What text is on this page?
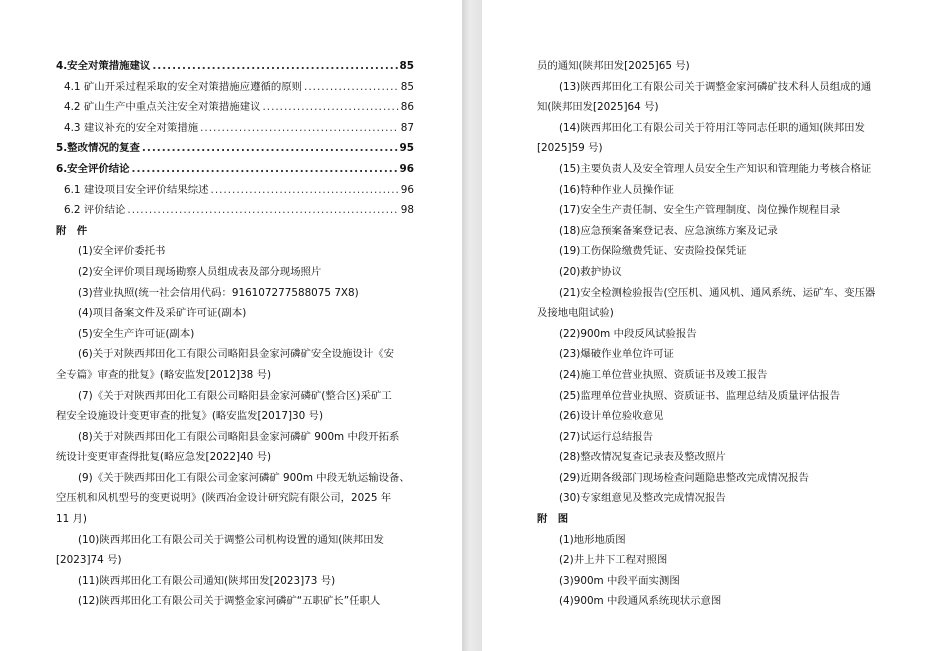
4.安全对策措施建议 .....	85
4.1 矿山开采过程采取的安全对策措施应遵循的原则 .....	85
4.2 矿山生产中重点关注安全对策措施建议 .....	86
4.3 建议补充的安全对策措施 .....	87
5.整改情况的复查 .....	95
6.安全评价结论 .....	96
6.1 建设项目安全评价结果综述 .....	96
6.2 评价结论 .....	98
附　件
(1)安全评价委托书
(2)安全评价项目现场勘察人员组成表及部分现场照片
(3)营业执照(统一社会信用代码：916107277588075 7X8)
(4)项目备案文件及采矿许可证(副本)
(5)安全生产许可证(副本)
(6)关于对陕西邦田化工有限公司略阳县金家河磷矿安全设施设计《安
全专篇》审查的批复》(略安监发[2012]38 号)
(7)《关于对陕西邦田化工有限公司略阳县金家河磷矿(整合区)采矿工
程安全设施设计变更审查的批复》(略安监发[2017]30 号)
(8)关于对陕西邦田化工有限公司略阳县金家河磷矿 900m 中段开拓系
统设计变更审查得批复(略应急发[2022]40 号)
(9)《关于陕西邦田化工有限公司金家河磷矿 900m 中段无轨运输设备、
空压机和风机型号的变更说明》(陕西冶金设计研究院有限公司，2025 年
11 月)
(10)陕西邦田化工有限公司关于调整公司机构设置的通知(陕邦田发
[2023]74 号)
(11)陕西邦田化工有限公司通知(陕邦田发[2023]73 号)
(12)陕西邦田化工有限公司关于调整金家河磷矿“五职矿长”任职人
员的通知(陕邦田发[2025]65 号)
(13)陕西邦田化工有限公司关于调整金家河磷矿技术科人员组成的通
知(陕邦田发[2025]64 号)
(14)陕西邦田化工有限公司关于符用江等同志任职的通知(陕邦田发
[2025]59 号)
(15)主要负责人及安全管理人员安全生产知识和管理能力考核合格证
(16)特种作业人员操作证
(17)安全生产责任制、安全生产管理制度、岗位操作规程目录
(18)应急预案备案登记表、应急演练方案及记录
(19)工伤保险缴费凭证、安责险投保凭证
(20)救护协议
(21)安全检测检验报告(空压机、通风机、通风系统、运矿车、变压器
及接地电阻试验)
(22)900m 中段反风试验报告
(23)爆破作业单位许可证
(24)施工单位营业执照、资质证书及竣工报告
(25)监理单位营业执照、资质证书、监理总结及质量评估报告
(26)设计单位验收意见
(27)试运行总结报告
(28)整改情况复查记录表及整改照片
(29)近期各级部门现场检查问题隐患整改完成情况报告
(30)专家组意见及整改完成情况报告
附　图
(1)地形地质图
(2)井上井下工程对照图
(3)900m 中段平面实测图
(4)900m 中段通风系统现状示意图
